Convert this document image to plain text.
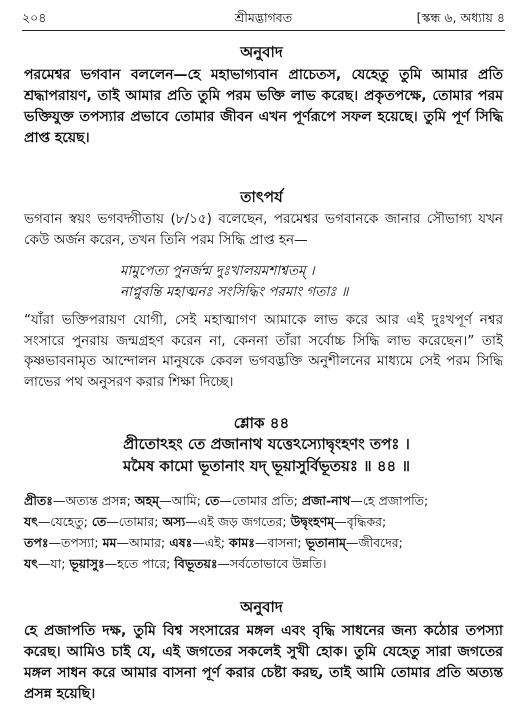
২০৪	শ্রীমদ্ভাগবত	[স্কন্ধ ৬, অধ্যায় ৪
অনুবাদ
পরমেশ্বর ভগবান বললেন—হে মহাভাগ্যবান প্রাচেতস, যেহেতু তুমি আমার প্রতি শ্রদ্ধাপরায়ণ, তাই আমার প্রতি তুমি পরম ভক্তি লাভ করেছ। প্রকৃতপক্ষে, তোমার পরম ভক্তিযুক্ত তপস্যার প্রভাবে তোমার জীবন এখন পূর্ণরূপে সফল হয়েছে। তুমি পূর্ণ সিদ্ধি প্রাপ্ত হয়েছ।
তাৎপর্য
ভগবান স্বয়ং ভগবদ্গীতায় (৮/১৫) বলেছেন, পরমেশ্বর ভগবানকে জানার সৌভাগ্য যখন কেউ অর্জন করেন, তখন তিনি পরম সিদ্ধি প্রাপ্ত হন—
মামুপেত্য পুনর্জন্ম দুঃখালয়মশাশ্বতম্ ।
নাপ্নুবন্তি মহাত্মনঃ সংসিদ্ধিং পরমাং গতাঃ ॥
“যাঁরা ভক্তিপরায়ণ যোগী, সেই মহাত্মাগণ আমাকে লাভ করে আর এই দুঃখপূর্ণ নশ্বর সংসারে পুনরায় জন্মগ্রহণ করেন না, কেননা তাঁরা সর্বোচ্চ সিদ্ধি লাভ করেছেন।” তাই কৃষ্ণভাবনামৃত আন্দোলন মানুষকে কেবল ভগবদ্ভক্তি অনুশীলনের মাধ্যমে সেই পরম সিদ্ধি লাভের পথ অনুসরণ করার শিক্ষা দিচ্ছে।
শ্লোক ৪৪
প্রীতোঽহং তে প্রজানাথ যত্তেঽস্যোদ্বৃংহণং তপঃ ।
মমৈষ কামো ভূতানাং যদ্ ভূয়াসুর্বিভূতয়ঃ ॥ ৪৪ ॥
প্রীতঃ—অত্যন্ত প্রসন্ন; অহম্—আমি; তে—তোমার প্রতি; প্রজা-নাথ—হে প্রজাপতি;
যৎ—যেহেতু; তে—তোমার; অস্য—এই জড় জগতের; উদ্বৃংহণম্—বৃদ্ধিকর;
তপঃ—তপস্যা; মম—আমার; এষঃ—এই; কামঃ—বাসনা; ভূতানাম্—জীবদের;
যৎ—যা; ভূয়াসুঃ—হতে পারে; বিভূতয়ঃ—সর্বতোভাবে উন্নতি।
অনুবাদ
হে প্রজাপতি দক্ষ, তুমি বিশ্ব সংসারের মঙ্গল এবং বৃদ্ধি সাধনের জন্য কঠোর তপস্যা করেছ। আমিও চাই যে, এই জগতের সকলেই সুখী হোক। তুমি যেহেতু সারা জগতের মঙ্গল সাধন করে আমার বাসনা পূর্ণ করার চেষ্টা করছ, তাই আমি তোমার প্রতি অত্যন্ত প্রসন্ন হয়েছি।
